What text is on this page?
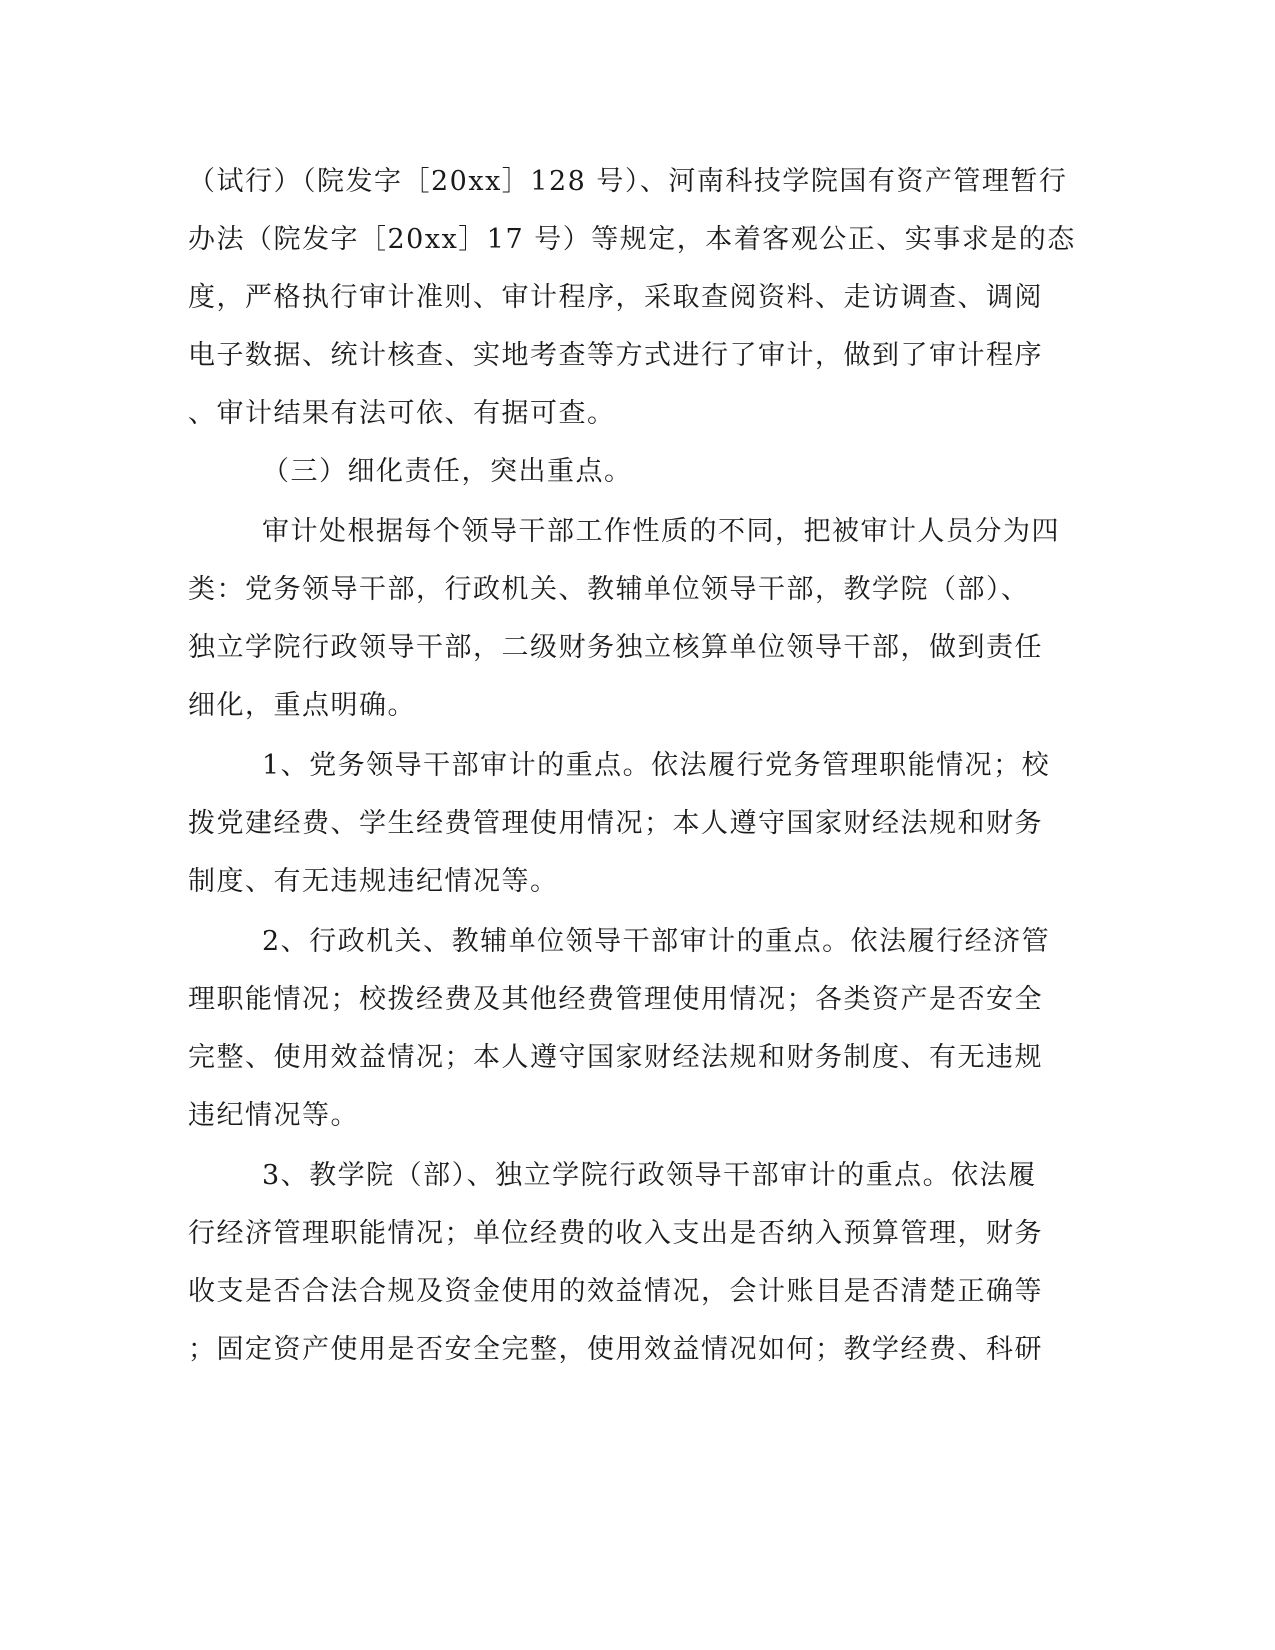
（试行）（院发字［20xx］128 号）、河南科技学院国有资产管理暂行
办法（院发字［20xx］17 号）等规定，本着客观公正、实事求是的态
度，严格执行审计准则、审计程序，采取查阅资料、走访调查、调阅
电子数据、统计核查、实地考查等方式进行了审计，做到了审计程序
、审计结果有法可依、有据可查。
（三）细化责任，突出重点。
审计处根据每个领导干部工作性质的不同，把被审计人员分为四
类：党务领导干部，行政机关、教辅单位领导干部，教学院（部）、
独立学院行政领导干部，二级财务独立核算单位领导干部，做到责任
细化，重点明确。
1、党务领导干部审计的重点。依法履行党务管理职能情况；校
拨党建经费、学生经费管理使用情况；本人遵守国家财经法规和财务
制度、有无违规违纪情况等。
2、行政机关、教辅单位领导干部审计的重点。依法履行经济管
理职能情况；校拨经费及其他经费管理使用情况；各类资产是否安全
完整、使用效益情况；本人遵守国家财经法规和财务制度、有无违规
违纪情况等。
3、教学院（部）、独立学院行政领导干部审计的重点。依法履
行经济管理职能情况；单位经费的收入支出是否纳入预算管理，财务
收支是否合法合规及资金使用的效益情况，会计账目是否清楚正确等
；固定资产使用是否安全完整，使用效益情况如何；教学经费、科研
